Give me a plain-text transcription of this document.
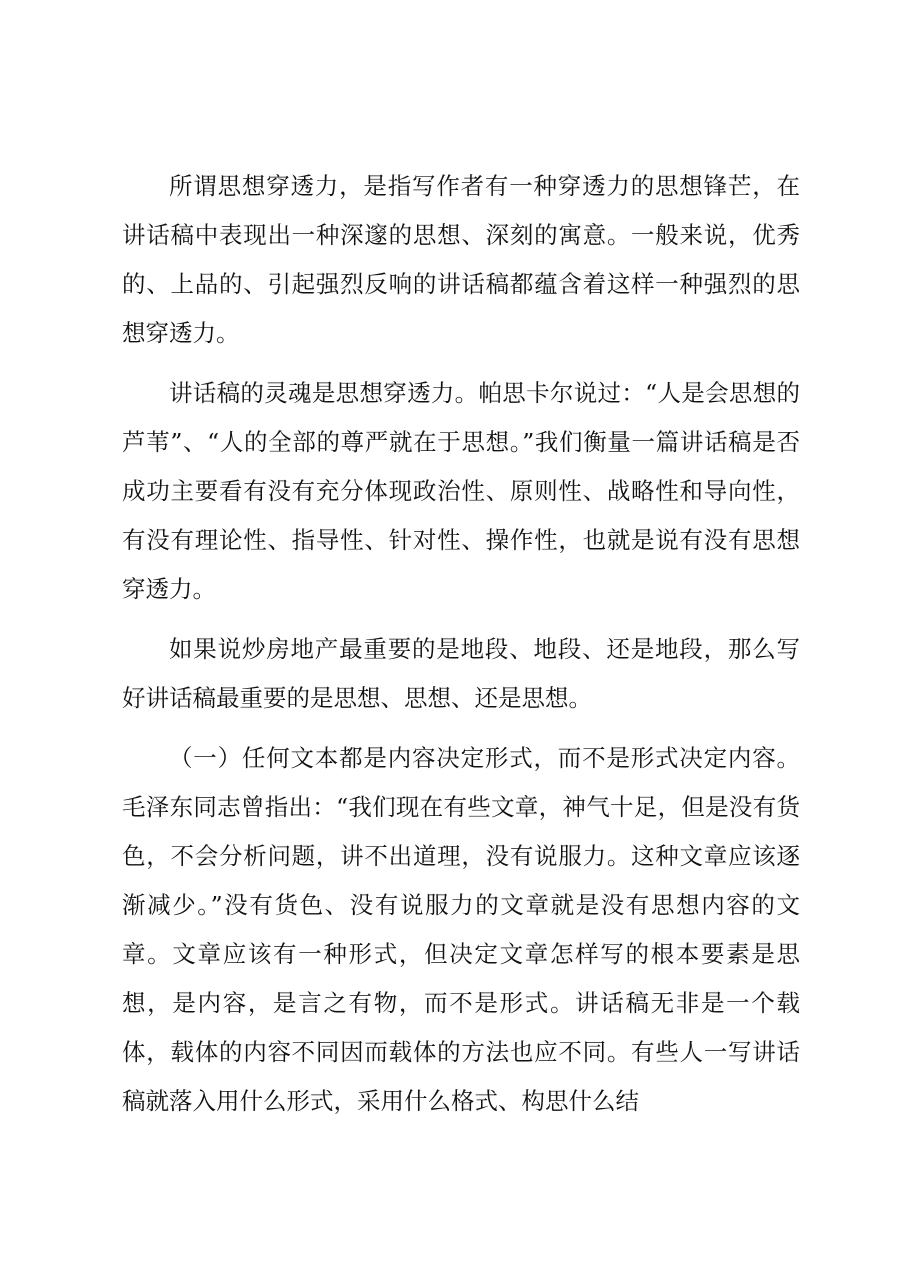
所谓思想穿透力，是指写作者有一种穿透力的思想锋芒，在讲话稿中表现出一种深邃的思想、深刻的寓意。一般来说，优秀的、上品的、引起强烈反响的讲话稿都蕴含着这样一种强烈的思想穿透力。

讲话稿的灵魂是思想穿透力。帕思卡尔说过：“人是会思想的芦苇”、“人的全部的尊严就在于思想。”我们衡量一篇讲话稿是否成功主要看有没有充分体现政治性、原则性、战略性和导向性，有没有理论性、指导性、针对性、操作性，也就是说有没有思想穿透力。

如果说炒房地产最重要的是地段、地段、还是地段，那么写好讲话稿最重要的是思想、思想、还是思想。

（一）任何文本都是内容决定形式，而不是形式决定内容。毛泽东同志曾指出：“我们现在有些文章，神气十足，但是没有货色，不会分析问题，讲不出道理，没有说服力。这种文章应该逐渐减少。”没有货色、没有说服力的文章就是没有思想内容的文章。文章应该有一种形式，但决定文章怎样写的根本要素是思想，是内容，是言之有物，而不是形式。讲话稿无非是一个载体，载体的内容不同因而载体的方法也应不同。有些人一写讲话稿就落入用什么形式，采用什么格式、构思什么结
